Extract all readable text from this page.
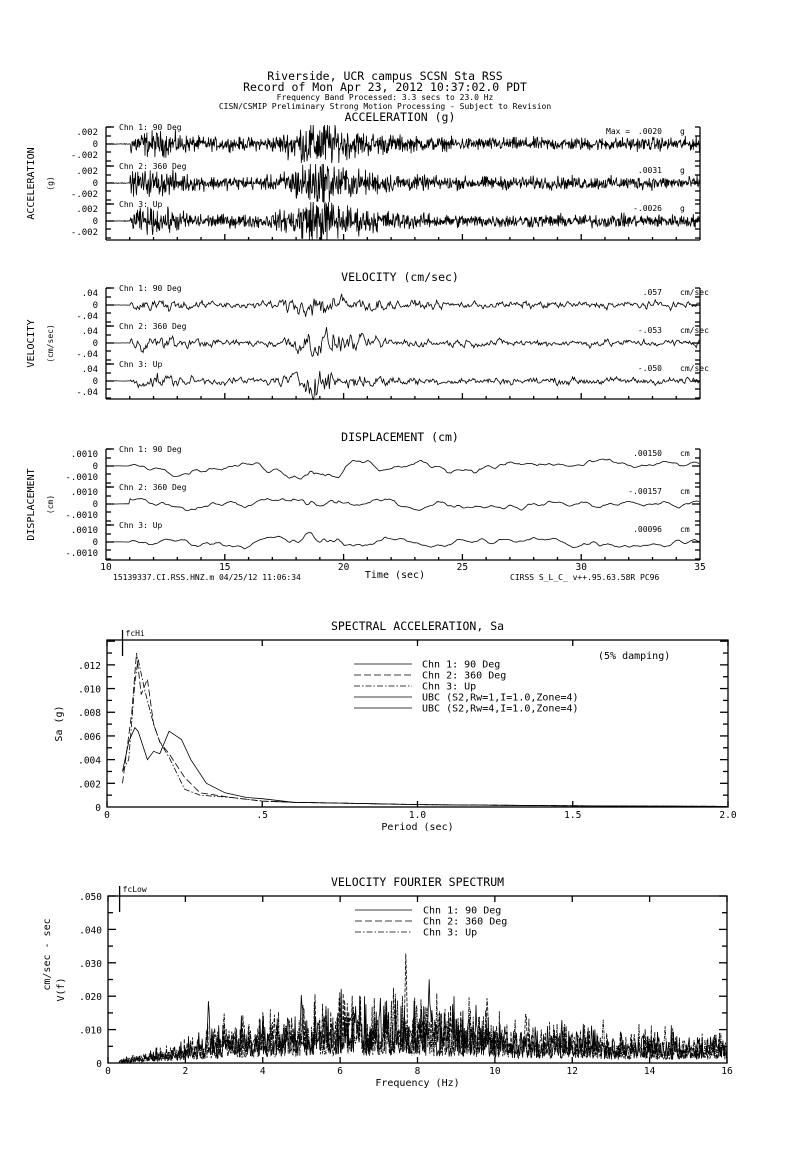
Riverside, UCR campus SCSN Sta RSS
Record of Mon Apr 23, 2012 10:37:02.0 PDT
Frequency Band Processed: 3.3 secs to 23.0 Hz
CISN/CSMIP Preliminary Strong Motion Processing - Subject to Revision
ACCELERATION (g)
ACCELERATION (g)
.002
0
-.002
Chn 1: 90 Deg	Max = .0020 g
.002
0
-.002
Chn 2: 360 Deg	.0031 g
.002
0
-.002
Chn 3: Up	-.0026 g
VELOCITY (cm/sec)
VELOCITY (cm/sec)
.04
0
-.04
Chn 1: 90 Deg	.057 cm/sec
.04
0
-.04
Chn 2: 360 Deg	-.053 cm/sec
.04
0
-.04
Chn 3: Up	-.050 cm/sec
DISPLACEMENT (cm)
DISPLACEMENT (cm)
.0010
0
-.0010
Chn 1: 90 Deg	.00150 cm
.0010
0
-.0010
Chn 2: 360 Deg	-.00157 cm
.0010
0
-.0010
Chn 3: Up	.00096 cm
10	15	20	25	30	35
Time (sec)
15139337.CI.RSS.HNZ.m 04/25/12 11:06:34	CIRSS S_L_C_ v++.95.63.58R PC96
SPECTRAL ACCELERATION, Sa
0	.5	1.0	1.5	2.0
0
.002
.004
.006
.008
.010
.012
Period (sec)
fcHi
Sa (g)
(5% damping)
Chn 1: 90 Deg
Chn 2: 360 Deg
Chn 3: Up
UBC (S2,Rw=1,I=1.0,Zone=4)
UBC (S2,Rw=4,I=1.0,Zone=4)
VELOCITY FOURIER SPECTRUM
0	2	4	6	8	10	12	14	16
0
.010
.020
.030
.040
.050
Frequency (Hz)
fcLow
V(f)
cm/sec - sec
Chn 1: 90 Deg
Chn 2: 360 Deg
Chn 3: Up
